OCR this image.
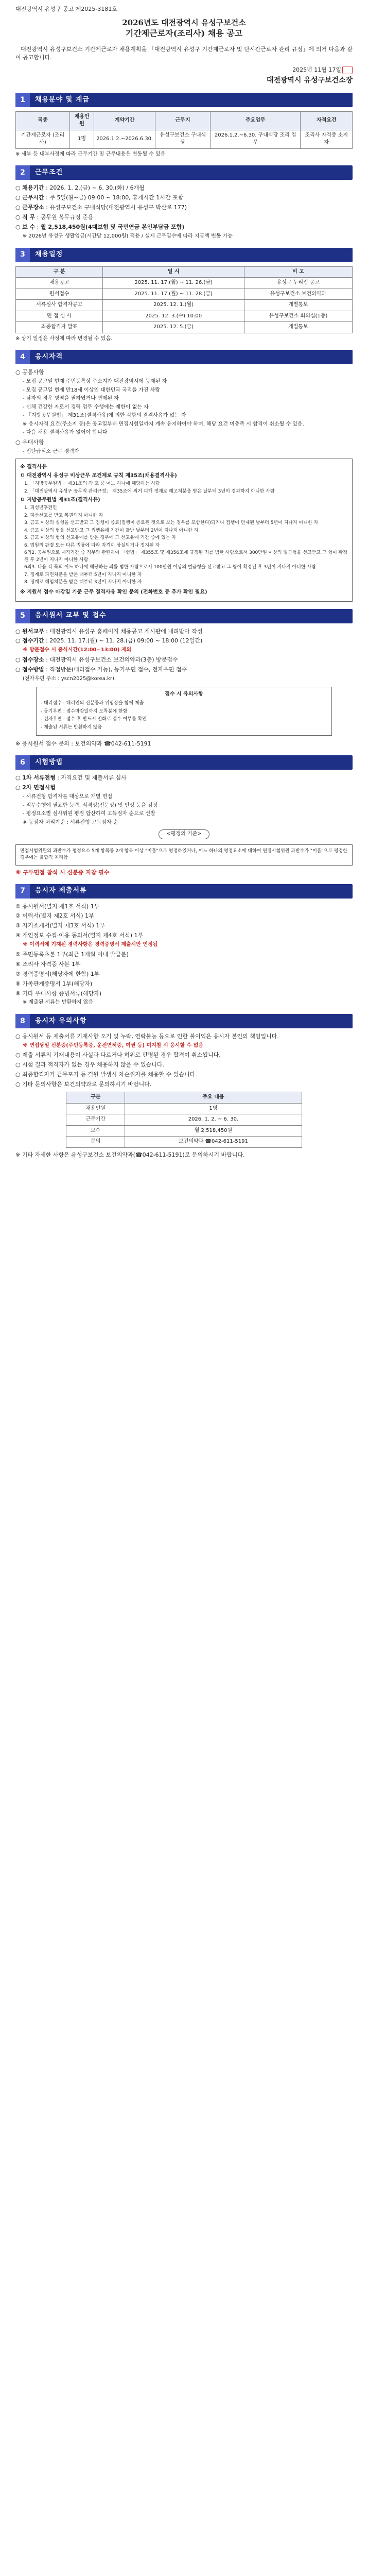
대전광역시 유성구 공고 제2025-3181호
2026년도 대전광역시 유성구보건소
기간제근로자(조리사) 채용 공고

대전광역시 유성구보건소 기간제근로자 채용계획을 「대전광역시 유성구 기간제근로자 및 단시간근로자 관리 규정」에 의거 다음과 같이 공고합니다.

2025년 11월 17일
대전광역시 유성구보건소장
1	채용분야 및 계급
직종	채용인원	계약기간	근무지	주요업무	자격요건
기간제근로자 (조리사)	1명	2026.1.2.~2026.6.30.	유성구보건소 구내식당	2026.1.2.~6.30. 구내식당 조리 업무	조리사 자격증 소지자
※ 세부 등 내부사정에 따라 근무기간 및 근무내용은 변동될 수 있음
2	근무조건
○ 채용기간 : 2026. 1. 2.(금) ~ 6. 30.(화) / 6개월
○ 근무시간 : 주 5일(월~금) 09:00 ~ 18:00, 휴게시간 1시간 포함
○ 근무장소 : 유성구보건소 구내식당(대전광역시 유성구 박산로 177)
○ 직 무 : 공무원 복무규정 준용
○ 보 수 : 월 2,518,450원(4대보험 및 국민연금 본인부담금 포함)
※ 2026년 유성구 생활임금(시간당 12,000원) 적용 / 실제 근무일수에 따라 지급액 변동 가능
3	채용일정
구 분	일 시	비 고
채용공고	2025. 11. 17.(월) ~ 11. 26.(금)	유성구 누리집 공고
원서접수	2025. 11. 17.(월) ~ 11. 28.(금)	유성구보건소 보건의약과
서류심사 합격자공고	2025. 12. 1.(월)	개별통보
면 접 심 사	2025. 12. 3.(수) 10:00	유성구보건소 회의실(1층)
최종합격자 발표	2025. 12. 5.(금)	개별통보
※ 상기 일정은 사정에 따라 변경될 수 있음.
4	응시자격
○ 공통사항
- 모집 공고일 현재 주민등록상 주소지가 대전광역시에 등재된 자
- 모집 공고일 현재 만18세 이상인 대한민국 국적을 가진 사람
- 남자의 경우 병역을 필하였거나 면제된 자
- 신체 건강한 자로서 경력 업무 수행에는 제한이 없는 자
- 「지방공무원법」 제31조(결격사유)에 의한 각항의 결격사유가 없는 자
※ 응시자격 요건(주소지 등)은 공고일부터 면접시험일까지 계속 유지하여야 하며, 해당 요건 미충족 시 합격이 취소될 수 있음.
- 다음 채용 결격사유가 없어야 합니다
○ 우대사항
- 집단급식소 근무 경력자
※ 결격사유
ㅁ 대전광역시 유성구 비상근무 조건제로 규칙 제35조(채용결격사유)
1. 「지방공무원법」 제31조의 각 호 중 어느 하나에 해당하는 사람
2. 「대전광역시 유성구 공무직 관리규정」 제35조에 의거 피해 정계로 해고처분을 받은 날부터 3년이 경과하지 아니한 사람
ㅁ 지방공무원법 제31조(결격사유)
1. 피성년후견인
2. 파산선고를 받고 복권되지 아니한 자
3. 금고 이상의 실형을 선고받고 그 집행이 종료(집행이 종료된 것으로 보는 경우를 포함한다)되거나 집행이 면제된 날부터 5년이 지나지 아니한 자
4. 금고 이상의 형을 선고받고 그 집행유예 기간이 끝난 날부터 2년이 지나지 아니한 자
5. 금고 이상의 형의 선고유예를 받은 경우에 그 선고유예 기간 중에 있는 자
6. 법원의 판결 또는 다른 법률에 따라 자격이 상실되거나 정지된 자
6의2. 공무원으로 재직기간 중 직무와 관련하여 「형법」 제355조 및 제356조에 규정된 죄를 범한 사람으로서 300만원 이상의 벌금형을 선고받고 그 형이 확정된 후 2년이 지나지 아니한 사람
6의3. 다음 각 목의 어느 하나에 해당하는 죄를 범한 사람으로서 100만원 이상의 벌금형을 선고받고 그 형이 확정된 후 3년이 지나지 아니한 사람
7. 징계로 파면처분을 받은 때부터 5년이 지나지 아니한 자
8. 징계로 해임처분을 받은 때부터 3년이 지나지 아니한 자
※ 지원서 접수 마감일 기준 근무 결격사유 확인 문의 (전화번호 등 추가 확인 필요)
5	응시원서 교부 및 접수
○ 원서교부 : 대전광역시 유성구 홈페이지 채용공고 게시판에 내려받아 작성
○ 접수기간 : 2025. 11. 17.(월) ~ 11. 28.(금) 09:00 ~ 18:00 (12일간)
※ 방문접수 시 중식시간(12:00~13:00) 제외
○ 접수장소 : 대전광역시 유성구보건소 보건의약과(3층) 방문접수
○ 접수방법 : 직접방문(대리접수 가능), 등기우편 접수, 전자우편 접수
(전자우편 주소 : yscn2025@korea.kr)
접수 시 유의사항
- 대리접수 : 대리인의 신분증과 위임장을 함께 제출
- 등기우편 : 접수마감일까지 도착분에 한함
- 전자우편 : 접수 후 반드시 전화로 접수 여부를 확인
- 제출된 서류는 반환하지 않음
※ 응시원서 접수 문의 : 보건의약과 ☎042-611-5191
6	시험방법
○ 1차 서류전형 : 자격요건 및 제출서류 심사
○ 2차 면접시험
- 서류전형 합격자를 대상으로 개별 면접
- 직무수행에 필요한 능력, 적격성(전문성) 및 인성 등을 검정
- 평정요소별 심사위원 평점 합산하여 고득점자 순으로 선발
※ 동점자 처리기준 : 서류전형 고득점자 순
<평정의 기준>
면접시험위원의 과반수가 평정요소 5개 항목중 2개 항목 이상 "미흡"으로 평정하였거나, 어느 하나의 평정요소에 대하여 면접시험위원 과반수가 "미흡"으로 평정한 경우에는 불합격 처리함
※ 구두면접 참석 시 신분증 지참 필수
7	응시자 제출서류
① 응시원서(별지 제1호 서식) 1부
② 이력서(별지 제2호 서식) 1부
③ 자기소개서(별지 제3호 서식) 1부
④ 개인정보 수집·이용 동의서(별지 제4호 서식) 1부
※ 이력서에 기재된 경력사항은 경력증명서 제출시만 인정됨
⑤ 주민등록초본 1부(최근 1개월 이내 발급분)
⑥ 조리사 자격증 사본 1부
⑦ 경력증명서(해당자에 한함) 1부
⑧ 가족관계증명서 1부(해당자)
⑨ 기타 우대사항 증빙서류(해당자)
※ 제출된 서류는 반환하지 않음
8	응시자 유의사항
○ 응시원서 등 제출서류 기재사항 오기 및 누락, 연락불능 등으로 인한 불이익은 응시자 본인의 책임입니다.
※ 면접당일 신분증(주민등록증, 운전면허증, 여권 등) 미지참 시 응시할 수 없음
○ 제출 서류의 기재내용이 사실과 다르거나 허위로 판명된 경우 합격이 취소됩니다.
○ 시험 결과 적격자가 없는 경우 채용하지 않을 수 있습니다.
○ 최종합격자가 근무포기 등 결원 발생시 차순위자를 채용할 수 있습니다.
○ 기타 문의사항은 보건의약과로 문의하시기 바랍니다.
구분	주요 내용
채용인원	1명
근무기간	2026. 1. 2. ~ 6. 30.
보수	월 2,518,450원
문의	보건의약과 ☎042-611-5191
※ 기타 자세한 사항은 유성구보건소 보건의약과(☎042-611-5191)로 문의하시기 바랍니다.
